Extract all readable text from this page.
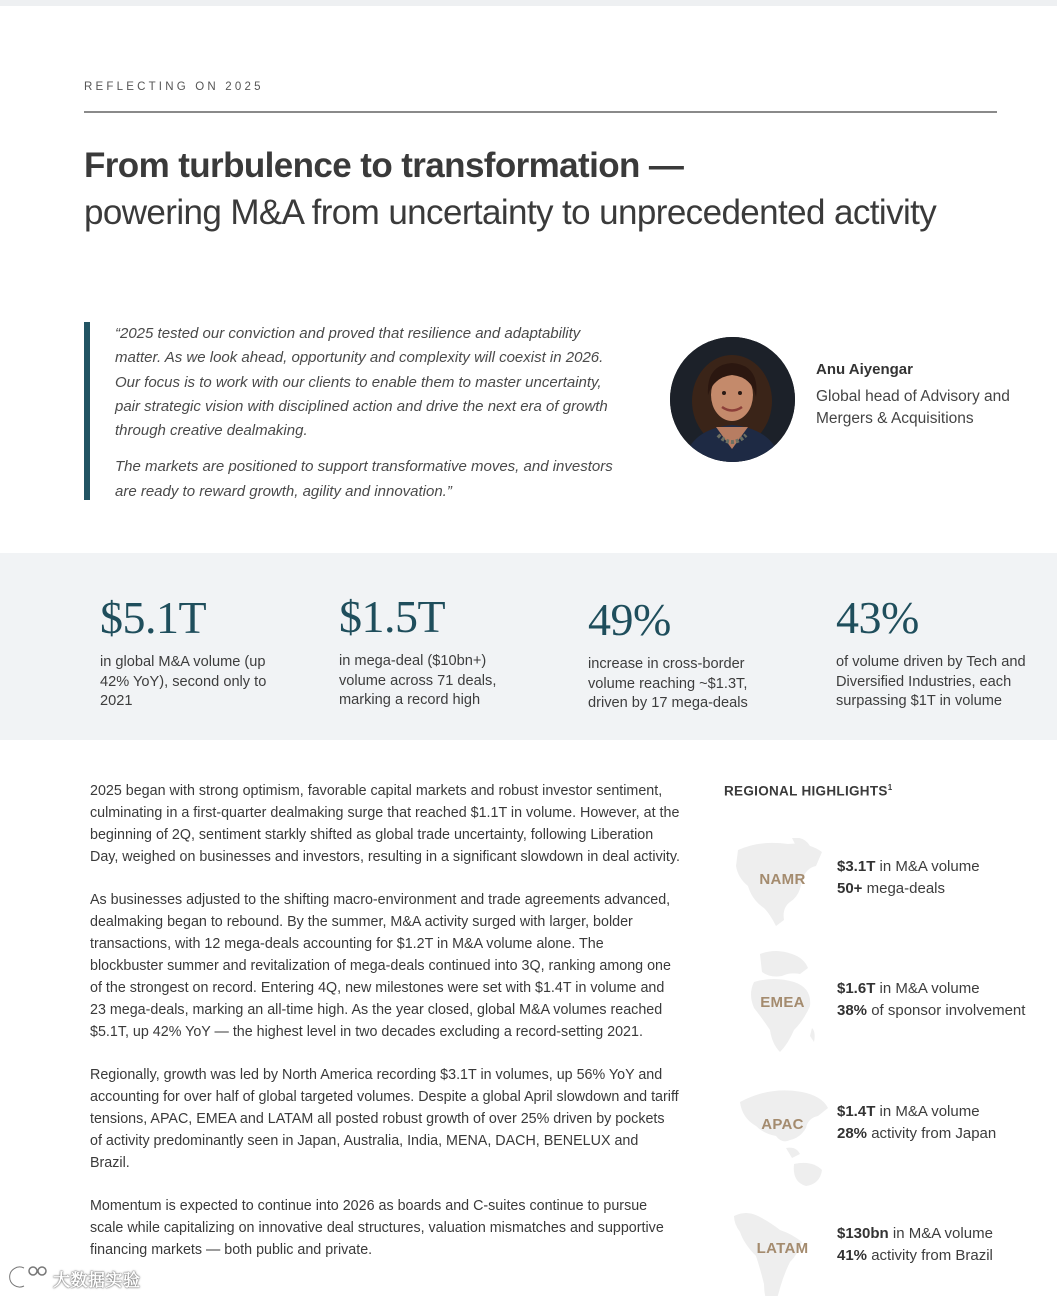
REFLECTING ON 2025
From turbulence to transformation —
powering M&A from uncertainty to unprecedented activity

“2025 tested our conviction and proved that resilience and adaptability matter. As we look ahead, opportunity and complexity will coexist in 2026. Our focus is to work with our clients to enable them to master uncertainty, pair strategic vision with disciplined action and drive the next era of growth through creative dealmaking.

The markets are positioned to support transformative moves, and investors are ready to reward growth, agility and innovation.”

Anu Aiyengar
Global head of Advisory and Mergers & Acquisitions
$5.1T
in global M&A volume (up 42% YoY), second only to 2021
$1.5T
in mega-deal ($10bn+) volume across 71 deals, marking a record high
49%
increase in cross-border volume reaching ~$1.3T, driven by 17 mega-deals
43%
of volume driven by Tech and Diversified Industries, each surpassing $1T in volume

2025 began with strong optimism, favorable capital markets and robust investor sentiment, culminating in a first-quarter dealmaking surge that reached $1.1T in volume. However, at the beginning of 2Q, sentiment starkly shifted as global trade uncertainty, following Liberation Day, weighed on businesses and investors, resulting in a significant slowdown in deal activity.

As businesses adjusted to the shifting macro-environment and trade agreements advanced, dealmaking began to rebound. By the summer, M&A activity surged with larger, bolder transactions, with 12 mega-deals accounting for $1.2T in M&A volume alone. The blockbuster summer and revitalization of mega-deals continued into 3Q, ranking among one of the strongest on record. Entering 4Q, new milestones were set with $1.4T in volume and 23 mega-deals, marking an all-time high. As the year closed, global M&A volumes reached $5.1T, up 42% YoY — the highest level in two decades excluding a record-setting 2021.

Regionally, growth was led by North America recording $3.1T in volumes, up 56% YoY and accounting for over half of global targeted volumes. Despite a global April slowdown and tariff tensions, APAC, EMEA and LATAM all posted robust growth of over 25% driven by pockets of activity predominantly seen in Japan, Australia, India, MENA, DACH, BENELUX and Brazil.

Momentum is expected to continue into 2026 as boards and C-suites continue to pursue scale while capitalizing on innovative deal structures, valuation mismatches and supportive financing markets — both public and private.

REGIONAL HIGHLIGHTS$^1$
NAMR
$3.1T in M&A volume
50+ mega-deals
EMEA
$1.6T in M&A volume
38% of sponsor involvement
APAC
$1.4T in M&A volume
28% activity from Japan
LATAM
$130bn in M&A volume
41% activity from Brazil
大数据实验
